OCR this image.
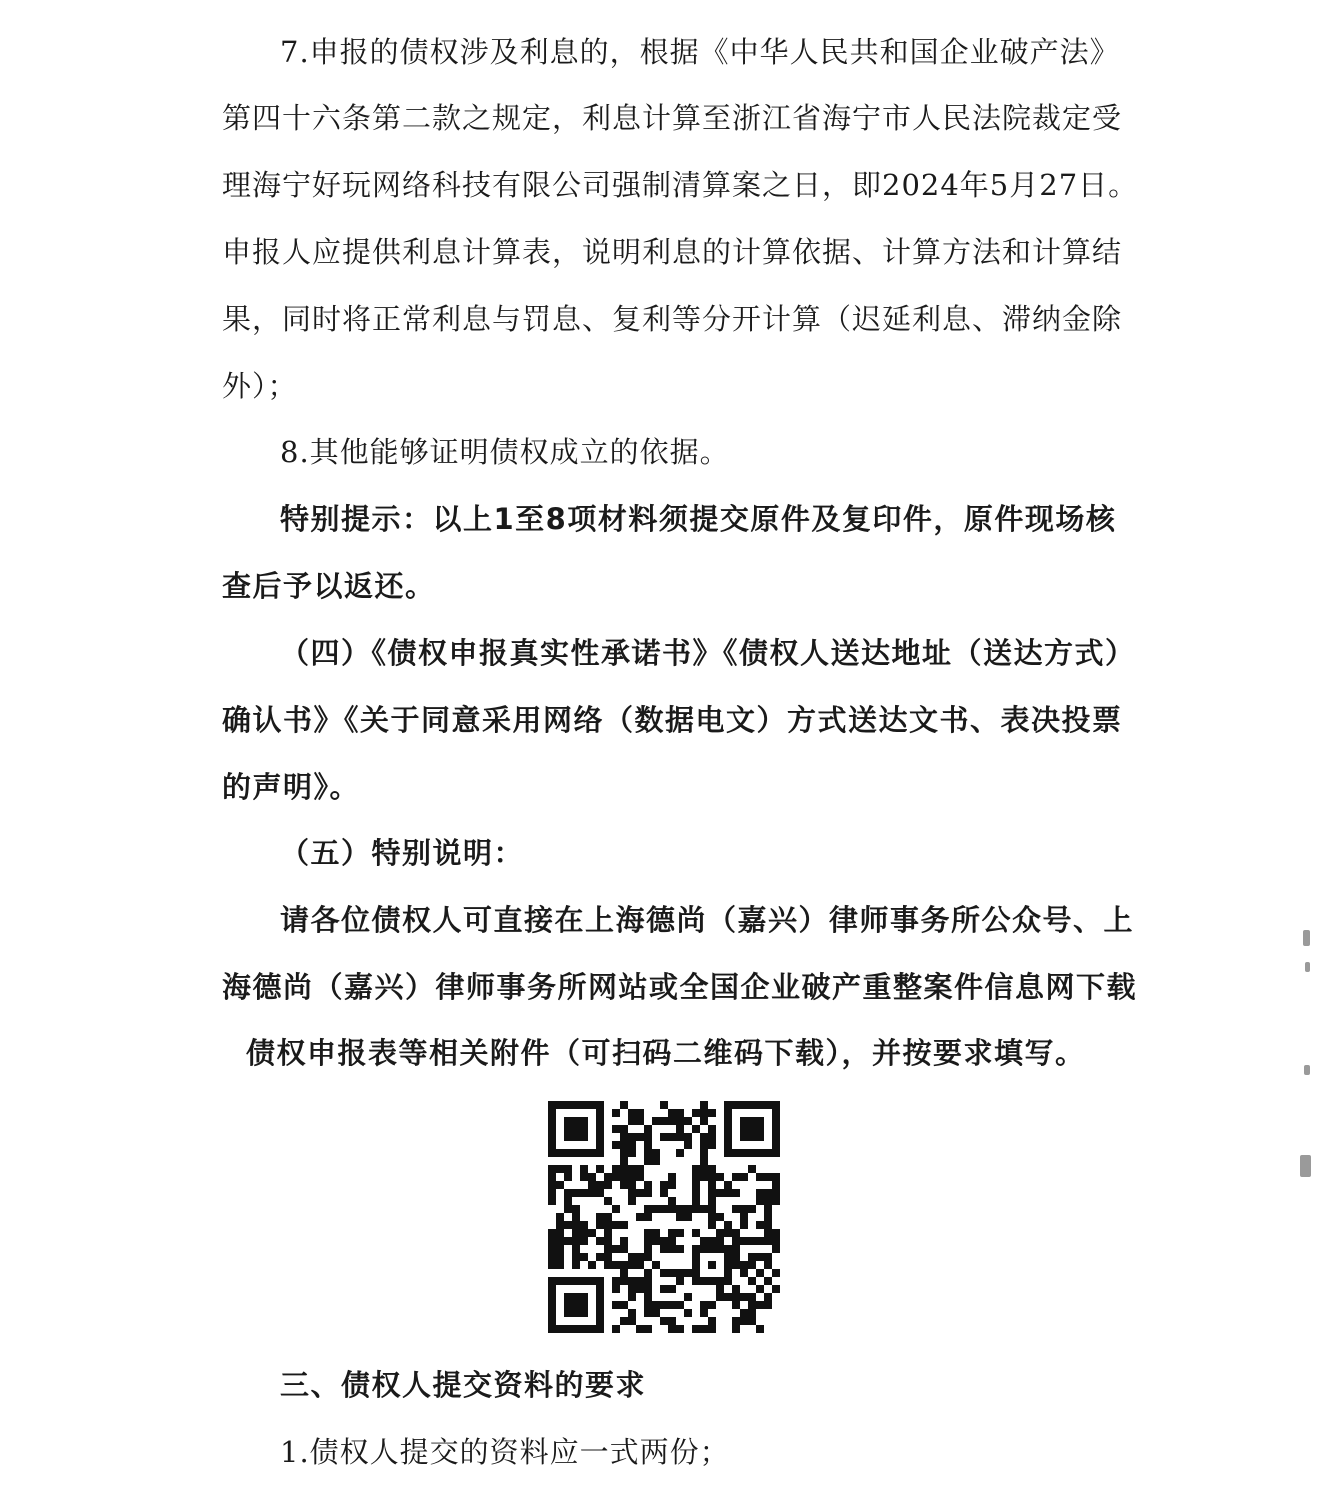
7.申报的债权涉及利息的，根据《中华人民共和国企业破产法》
第四十六条第二款之规定，利息计算至浙江省海宁市人民法院裁定受
理海宁好玩网络科技有限公司强制清算案之日，即2024年5月27日。
申报人应提供利息计算表，说明利息的计算依据、计算方法和计算结
果，同时将正常利息与罚息、复利等分开计算（迟延利息、滞纳金除
外）；
8.其他能够证明债权成立的依据。
特别提示：以上1至8项材料须提交原件及复印件，原件现场核
查后予以返还。
（四）《债权申报真实性承诺书》《债权人送达地址（送达方式）
确认书》《关于同意采用网络（数据电文）方式送达文书、表决投票
的声明》。
（五）特别说明：
请各位债权人可直接在上海德尚（嘉兴）律师事务所公众号、上
海德尚（嘉兴）律师事务所网站或全国企业破产重整案件信息网下载
债权申报表等相关附件（可扫码二维码下载），并按要求填写。
三、债权人提交资料的要求
1.债权人提交的资料应一式两份；
